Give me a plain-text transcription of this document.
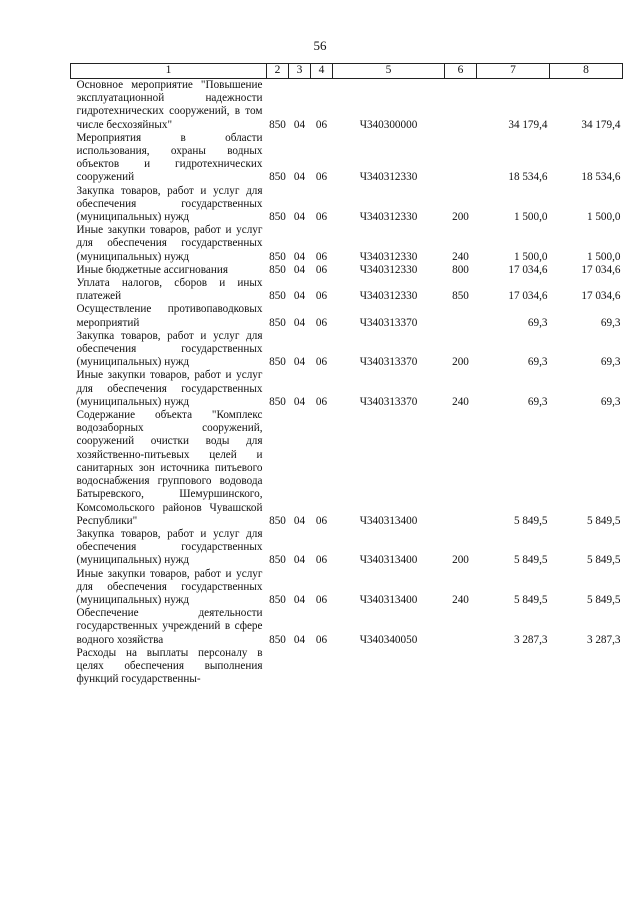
56
1	2	3	4	5	6	7	8
Основное мероприятие "Повышение эксплуатационной надежности гидротехнических сооружений, в том числе бесхозяйных"	850	04	06	Ч340300000		34 179,4	34 179,4
Мероприятия в области использования, охраны водных объектов и гидротехнических сооружений	850	04	06	Ч340312330		18 534,6	18 534,6
Закупка товаров, работ и услуг для обеспечения государственных (муниципальных) нужд	850	04	06	Ч340312330	200	1 500,0	1 500,0
Иные закупки товаров, работ и услуг для обеспечения государственных (муниципальных) нужд	850	04	06	Ч340312330	240	1 500,0	1 500,0
Иные бюджетные ассигнования	850	04	06	Ч340312330	800	17 034,6	17 034,6
Уплата налогов, сборов и иных платежей	850	04	06	Ч340312330	850	17 034,6	17 034,6
Осуществление противопаводковых мероприятий	850	04	06	Ч340313370		69,3	69,3
Закупка товаров, работ и услуг для обеспечения государственных (муниципальных) нужд	850	04	06	Ч340313370	200	69,3	69,3
Иные закупки товаров, работ и услуг для обеспечения государственных (муниципальных) нужд	850	04	06	Ч340313370	240	69,3	69,3
Содержание объекта "Комплекс водозаборных сооружений, сооружений очистки воды для хозяйственно-питьевых целей и санитарных зон источника питьевого водоснабжения группового водовода Батыревского, Шемуршинского, Комсомольского районов Чувашской Республики"	850	04	06	Ч340313400		5 849,5	5 849,5
Закупка товаров, работ и услуг для обеспечения государственных (муниципальных) нужд	850	04	06	Ч340313400	200	5 849,5	5 849,5
Иные закупки товаров, работ и услуг для обеспечения государственных (муниципальных) нужд	850	04	06	Ч340313400	240	5 849,5	5 849,5
Обеспечение деятельности государственных учреждений в сфере водного хозяйства	850	04	06	Ч340340050		3 287,3	3 287,3
Расходы на выплаты персоналу в целях обеспечения выполнения функций государственны-							
